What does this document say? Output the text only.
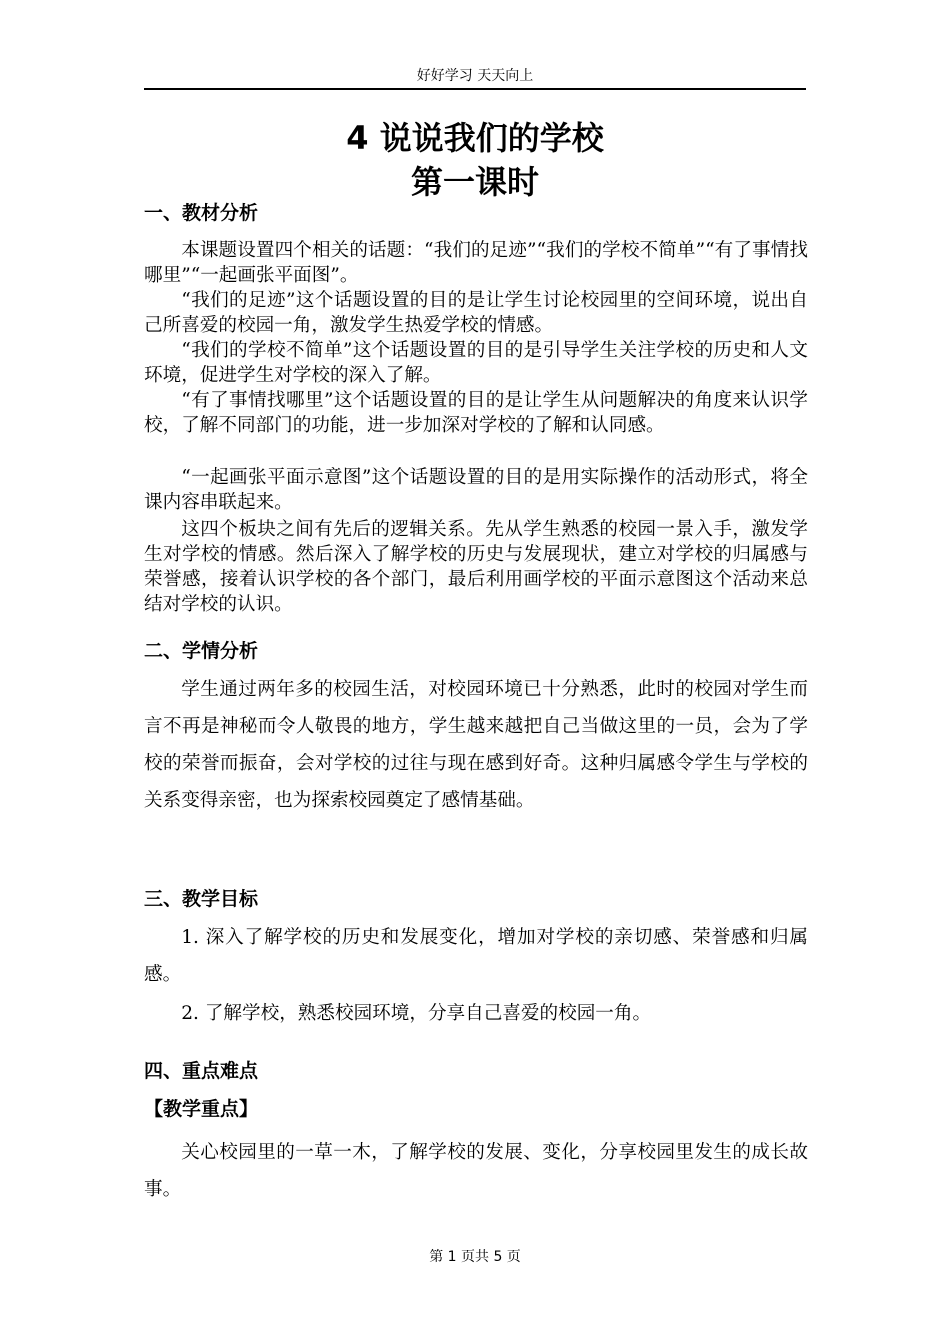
好好学习 天天向上
4 说说我们的学校
第一课时
一、教材分析

本课题设置四个相关的话题：“我们的足迹”“我们的学校不简单”“有了事情找哪里”“一起画张平面图”。

“我们的足迹”这个话题设置的目的是让学生讨论校园里的空间环境，说出自己所喜爱的校园一角，激发学生热爱学校的情感。

“我们的学校不简单”这个话题设置的目的是引导学生关注学校的历史和人文环境，促进学生对学校的深入了解。

“有了事情找哪里”这个话题设置的目的是让学生从问题解决的角度来认识学校，了解不同部门的功能，进一步加深对学校的了解和认同感。

“一起画张平面示意图”这个话题设置的目的是用实际操作的活动形式，将全课内容串联起来。

这四个板块之间有先后的逻辑关系。先从学生熟悉的校园一景入手，激发学生对学校的情感。然后深入了解学校的历史与发展现状，建立对学校的归属感与荣誉感，接着认识学校的各个部门，最后利用画学校的平面示意图这个活动来总结对学校的认识。

二、学情分析

学生通过两年多的校园生活，对校园环境已十分熟悉，此时的校园对学生而言不再是神秘而令人敬畏的地方，学生越来越把自己当做这里的一员，会为了学校的荣誉而振奋，会对学校的过往与现在感到好奇。这种归属感令学生与学校的关系变得亲密，也为探索校园奠定了感情基础。

三、教学目标

1. 深入了解学校的历史和发展变化，增加对学校的亲切感、荣誉感和归属感。

2. 了解学校，熟悉校园环境，分享自己喜爱的校园一角。

四、重点难点
【教学重点】

关心校园里的一草一木，了解学校的发展、变化，分享校园里发生的成长故事。

第 1 页共 5 页
